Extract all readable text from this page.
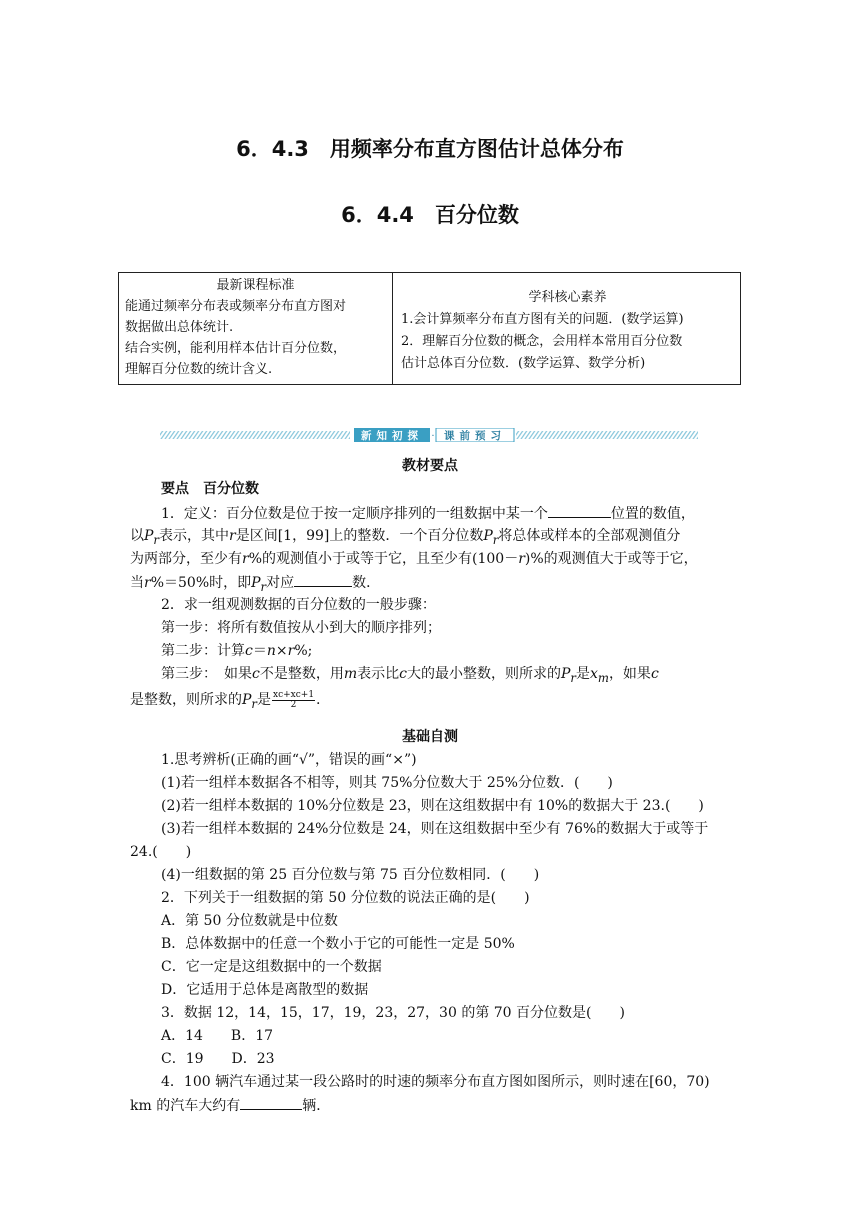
6．4.3　用频率分布直方图估计总体分布
6．4.4　百分位数
最新课程标准
能通过频率分布表或频率分布直方图对
数据做出总体统计.
结合实例，能利用样本估计百分位数，
理解百分位数的统计含义.
学科核心素养
1.会计算频率分布直方图有关的问题．(数学运算)
2．理解百分位数的概念，会用样本常用百分位数
估计总体百分位数．(数学运算、数学分析)
新知初探 · 课前预习
教材要点
要点　百分位数
1．定义：百分位数是位于按一定顺序排列的一组数据中某一个	位置的数值，
以$P_r$表示，其中r是区间[1，99]上的整数．一个百分位数$P_r$将总体或样本的全部观测值分
为两部分，至少有r%的观测值小于或等于它，且至少有(100－r)%的观测值大于或等于它，
当r%＝50%时，即$P_r$对应	数．
2．求一组观测数据的百分位数的一般步骤：
第一步：将所有数值按从小到大的顺序排列；
第二步：计算c＝n×r%;
第三步：　如果c不是整数，用m表示比c大的最小整数，则所求的$P_r$是$x_m$，如果c
是整数，则所求的$P_r$是 $\frac{xc+xc+1}{2}$ .
基础自测
1.思考辨析(正确的画“√”，错误的画“×”)
(1)若一组样本数据各不相等，则其 75%分位数大于 25%分位数．(　　)
(2)若一组样本数据的 10%分位数是 23，则在这组数据中有 10%的数据大于 23.(　　)
(3)若一组样本数据的 24%分位数是 24，则在这组数据中至少有 76%的数据大于或等于
24.(　　)
(4)一组数据的第 25 百分位数与第 75 百分位数相同．(　　)
2．下列关于一组数据的第 50 分位数的说法正确的是(　　)
A．第 50 分位数就是中位数
B．总体数据中的任意一个数小于它的可能性一定是 50%
C．它一定是这组数据中的一个数据
D．它适用于总体是离散型的数据
3．数据 12，14，15，17，19，23，27，30 的第 70 百分位数是(　　)
A．14　　B．17
C．19　　D．23
4．100 辆汽车通过某一段公路时的时速的频率分布直方图如图所示，则时速在[60，70)
km 的汽车大约有	辆．
